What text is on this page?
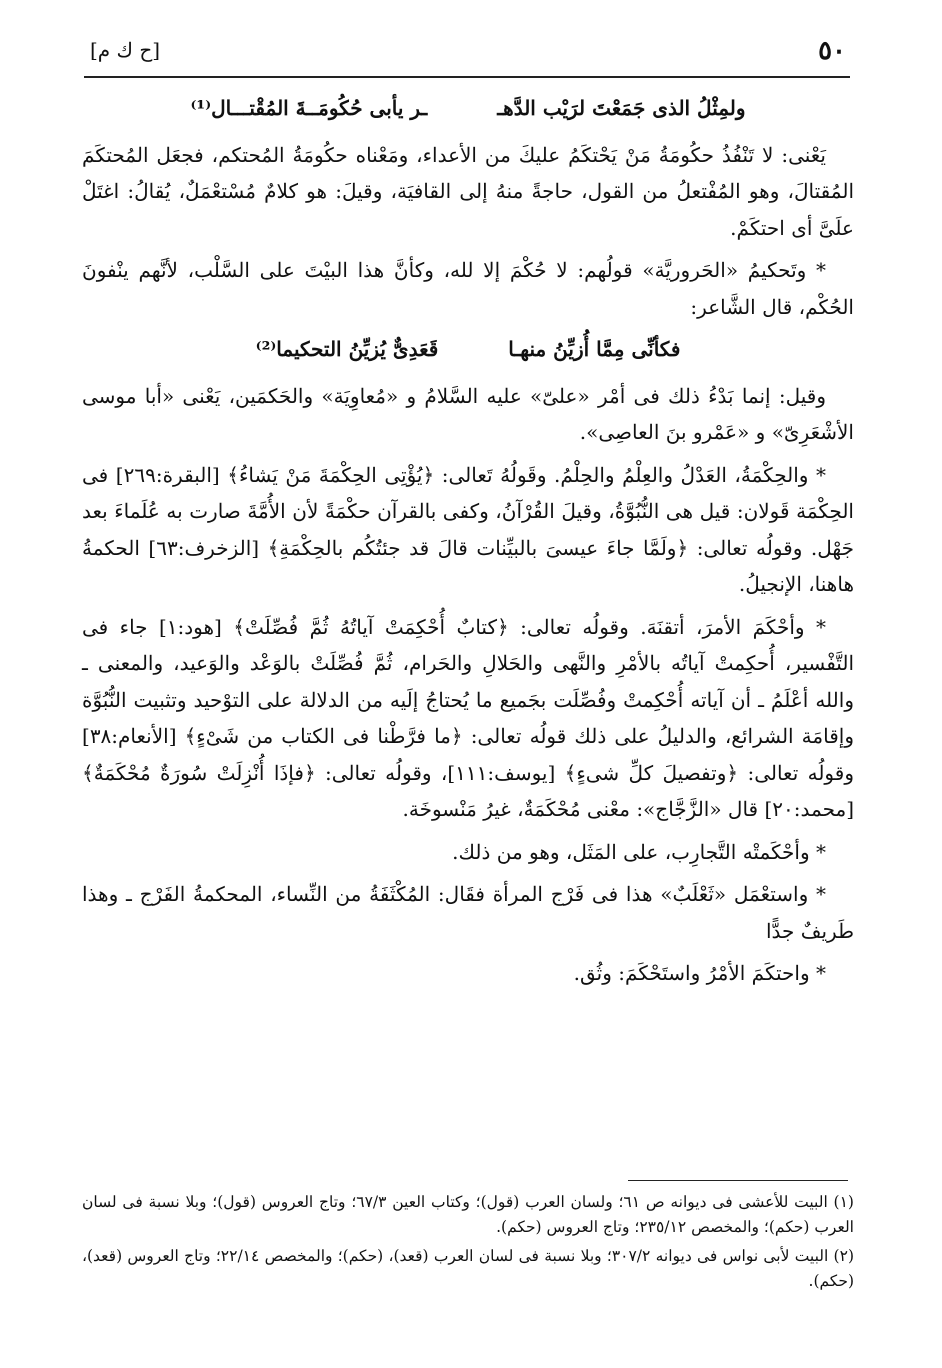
٥٠
[ح ك م]
ولمِثْلُ الذى جَمَعْتَ لرَيْب الدَّهـ
ـر يأبى حُكُومَــةَ المُقْتـــال⁽¹⁾

يَعْنى: لا تَنْفُذُ حكُومَةُ مَنْ يَحْتكَمُ عليكَ من الأعداء، ومَعْناه حكُومَةُ المُحتكم، فجعَل المُحتكَمَ المُقتالَ، وهو المُفْتعلُ من القول، حاجةً منهُ إلى القافيَة، وقيلَ: هو كلامٌ مُسْتعْمَلٌ، يُقالُ: اغتَلْ علَىَّ أى احتكَمْ.

* وتَحكيمُ «الحَروريَّة» قولُهم: لا حُكْمَ إلا لله، وكأنَّ هذا البيْتَ على السَّلْب، لأنَّهم ينْفونَ الحُكْم، قال الشَّاعر:

فكأنِّى مِمَّا أُزيِّنُ منهـا
قَعَدِىٌّ يُزيِّنُ التحكيما⁽²⁾

وقيل: إنما بَدْءُ ذلك فى أمْر «علىّ» عليه السَّلامُ و «مُعاوِيَة» والحَكمَين، يَعْنى «أبا موسى الأشْعَرِىّ» و «عَمْرو بنَ العاصِى».

* والحِكْمَةُ، العَدْلُ والعِلْمُ والحِلْمُ. وقَولُهُ تَعالى: ﴿يُؤْتِى الحِكْمَةَ مَنْ يَشاءُ﴾ [البقرة:٢٦٩] فى الحِكْمَة قَولان: قيل هى النُّبُوَّةُ، وقيلَ القُرْآنُ، وكفى بالقرآن حكْمَةً لأن الأُمَّةَ صارت به عُلَماءَ بعد جَهْل. وقولُه تعالى: ﴿ولَمَّا جاءَ عيسىَ بالبيِّنات قالَ قد جئتُكُم بالحِكْمَةِ﴾ [الزخرف:٦٣] الحكمةُ هاهنا، الإنجيلُ.

* وأحْكَمَ الأمرَ، أتقنَهَ. وقولُه تعالى: ﴿كتابٌ أُحْكِمَتْ آياتُهُ ثُمَّ فُصِّلَتْ﴾ [هود:١] جاء فى التَّفْسير، أُحكِمتْ آياتُه بالأمْرِ والنَّهى والحَلالِ والحَرام، ثُمَّ فُصِّلَتْ بالوَعْد والوَعيد، والمعنى ـ والله أعْلَمُ ـ أن آياته أُحْكِمتْ وفُصِّلَت بجَميع ما يُحتاجُ إلَيه من الدلالة على التوْحيد وتثبيت النُّبُوَّة وإقامَة الشرائع، والدليلُ على ذلك قولُه تعالى: ﴿ما فرَّطْنا فى الكتاب من شَىْءٍ﴾ [الأنعام:٣٨] وقولُه تعالى: ﴿وتفصيلَ كلِّ شىءٍ﴾ [يوسف:١١١]، وقولُه تعالى: ﴿فإذَا أُنْزِلَتْ سُورَةٌ مُحْكَمَةٌ﴾ [محمد:٢٠] قال «الزَّجَّاج»: معْنى مُحْكَمَةٌ، غيرُ مَنْسوخَة.

* وأحْكَمتْه التَّجارِب، على المَثَل، وهو من ذلك.

* واستعْمَل «ثَعْلَبٌ» هذا فى فَرْج المرأة فقَال: المُكْثَفَةُ من النِّساء، المحكمةُ الفَرْج ـ وهذا طَريفٌ جدًّا

* واحتكَمَ الأمْرُ واستَحْكَمَ: وثُق.

(١) البيت للأعشى فى ديوانه ص ٦١؛ ولسان العرب (قول)؛ وكتاب العين ٦٧/٣؛ وتاج العروس (قول)؛ وبلا نسبة فى لسان العرب (حكم)؛ والمخصص ٢٣٥/١٢؛ وتاج العروس (حكم).

(٢) البيت لأبى نواس فى ديوانه ٣٠٧/٢؛ وبلا نسبة فى لسان العرب (قعد)، (حكم)؛ والمخصص ٢٢/١٤؛ وتاج العروس (قعد)، (حكم).
